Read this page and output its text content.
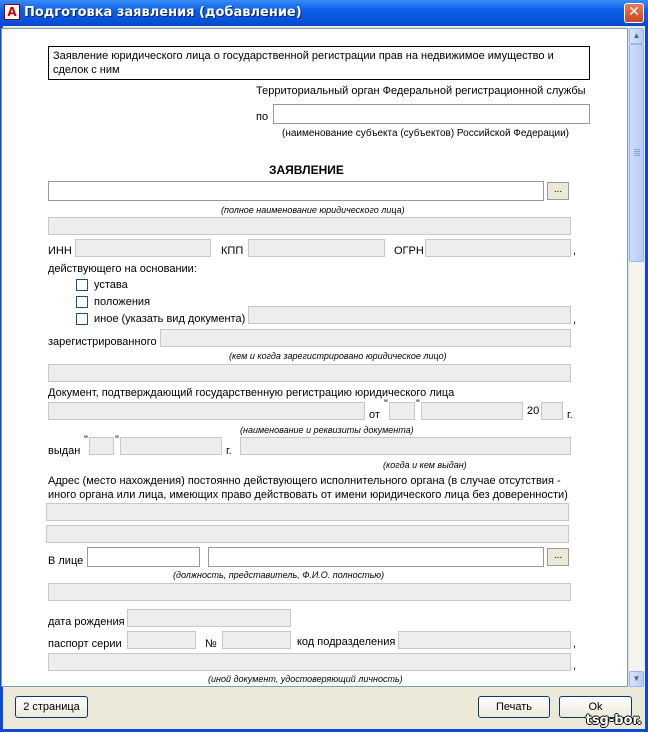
A Подготовка заявления (добавление)	✕
Заявление юридического лица о государственной регистрации прав на недвижимое имущество и сделок с ним
Территориальный орган Федеральной регистрационной службы
по
(наименование субъекта (субъектов) Российской Федерации)
ЗАЯВЛЕНИЕ
...
(полное наименование юридического лица)
ИНН	КПП	ОГРН	,
действующего на основании:
устава
положения
иное (указать вид документа)	,
зарегистрированного
(кем и когда зарегистрировано юридическое лицо)
Документ, подтверждающий государственную регистрацию юридического лица
от
"	"
20	г.
(наименование и реквизиты документа)
выдан
" "
г.
(когда и кем выдан)
Адрес (место нахождения) постоянно действующего исполнительного органа (в случае отсутствия - иного органа или лица, имеющих право действовать от имени юридического лица без доверенности)
В лице	...
(должность, представитель, Ф.И.О. полностью)
дата рождения
паспорт серии	№	код подразделения	,
,
(иной документ, удостоверяющий личность)
▲
▼
2 страница	Печать	Ok
tsg-bor.
